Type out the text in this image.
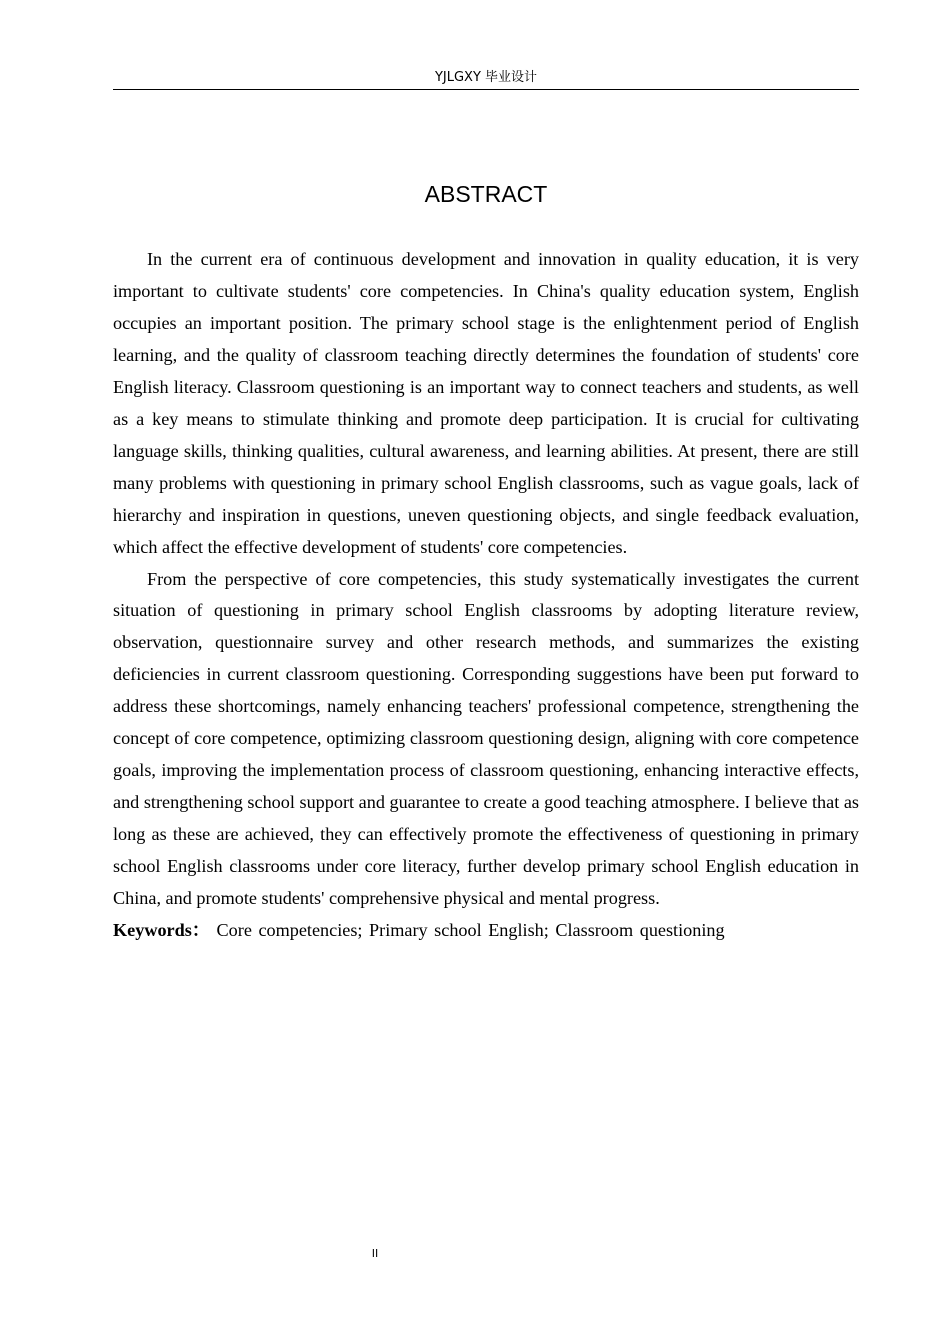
YJLGXY 毕业设计
ABSTRACT

In the current era of continuous development and innovation in quality education, it is very important to cultivate students' core competencies. In China's quality education system, English occupies an important position. The primary school stage is the enlightenment period of English learning, and the quality of classroom teaching directly determines the foundation of students' core English literacy. Classroom questioning is an important way to connect teachers and students, as well as a key means to stimulate thinking and promote deep participation. It is crucial for cultivating language skills, thinking qualities, cultural awareness, and learning abilities. At present, there are still many problems with questioning in primary school English classrooms, such as vague goals, lack of hierarchy and inspiration in questions, uneven questioning objects, and single feedback evaluation, which affect the effective development of students' core competencies.

From the perspective of core competencies, this study systematically investigates the current situation of questioning in primary school English classrooms by adopting literature review, observation, questionnaire survey and other research methods, and summarizes the existing deficiencies in current classroom questioning. Corresponding suggestions have been put forward to address these shortcomings, namely enhancing teachers' professional competence, strengthening the concept of core competence, optimizing classroom questioning design, aligning with core competence goals, improving the implementation process of classroom questioning, enhancing interactive effects, and strengthening school support and guarantee to create a good teaching atmosphere. I believe that as long as these are achieved, they can effectively promote the effectiveness of questioning in primary school English classrooms under core literacy, further develop primary school English education in China, and promote students' comprehensive physical and mental progress.

Keywords： Core competencies; Primary school English; Classroom questioning
II
